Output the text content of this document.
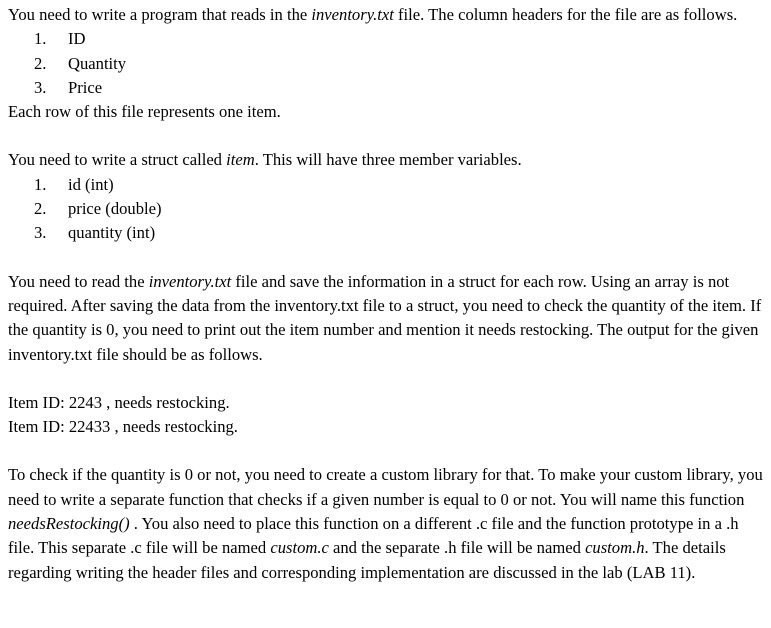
You need to write a program that reads in the inventory.txt file. The column headers for the file are as follows.

1. ID
2. Quantity
3. Price

Each row of this file represents one item.

You need to write a struct called item. This will have three member variables.

1. id (int)
2. price (double)
3. quantity (int)

You need to read the inventory.txt file and save the information in a struct for each row. Using an array is not required. After saving the data from the inventory.txt file to a struct, you need to check the quantity of the item. If the quantity is 0, you need to print out the item number and mention it needs restocking. The output for the given inventory.txt file should be as follows.

Item ID: 2243 , needs restocking.

Item ID: 22433 , needs restocking.

To check if the quantity is 0 or not, you need to create a custom library for that. To make your custom library, you need to write a separate function that checks if a given number is equal to 0 or not. You will name this function needsRestocking() . You also need to place this function on a different .c file and the function prototype in a .h file. This separate .c file will be named custom.c and the separate .h file will be named custom.h. The details regarding writing the header files and corresponding implementation are discussed in the lab (LAB 11).
